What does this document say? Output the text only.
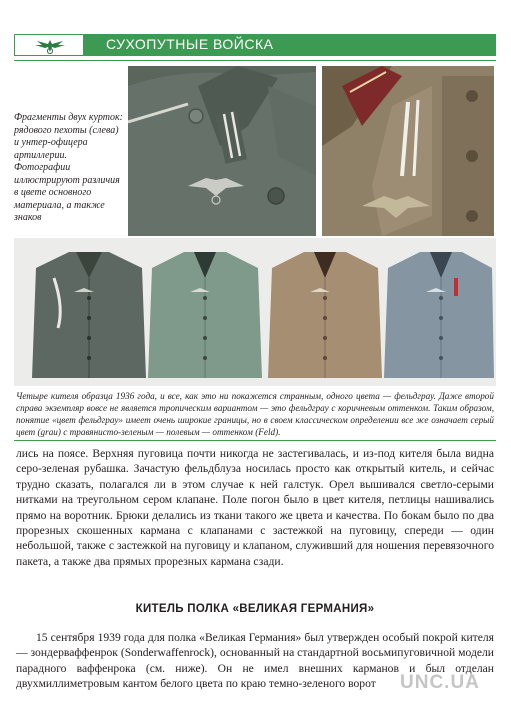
СУХОПУТНЫЕ ВОЙСКА
Фрагменты двух курток: рядового пехоты (слева) и унтер-офицера артиллерии. Фотографии иллюстрируют различия в цвете основного материала, а также знаков
Четыре кителя образца 1936 года, и все, как это ни покажется странным, одного цвета — фельдграу. Даже второй справа экземпляр вовсе не является тропическим вариантом — это фельдграу с коричневым оттенком. Таким образом, понятие «цвет фельдграу» имеет очень широкие границы, но в своем классическом определении все же означает серый цвет (grau) с травянисто-зеленым — полевым — оттенком (Feld).

лись на поясе. Верхняя пуговица почти никогда не застегивалась, и из-под кителя была видна серо-зеленая рубашка. Зачастую фельдблуза носилась просто как открытый китель, и сейчас трудно сказать, полагался ли в этом случае к ней галстук. Орел вышивался светло-серыми нитками на треугольном сером клапане. Поле погон было в цвет кителя, петлицы нашивались прямо на воротник. Брюки делались из ткани такого же цвета и качества. По бокам было по два прорезных скошенных кармана с клапанами с застежкой на пуговицу, спереди — один небольшой, также с застежкой на пуговицу и клапаном, служивший для ношения перевязочного пакета, а также два прямых прорезных кармана сзади.

КИТЕЛЬ ПОЛКА «ВЕЛИКАЯ ГЕРМАНИЯ»

15 сентября 1939 года для полка «Великая Германия» был утвержден особый покрой кителя — зондерваффенрок (Sonderwaffenrock), основанный на стандартной восьмипуговичной модели парадного ваффенрока (см. ниже). Он не имел внешних карманов и был отделан двухмиллиметровым кантом белого цвета по краю темно-зеленого ворот	UNC.UA
